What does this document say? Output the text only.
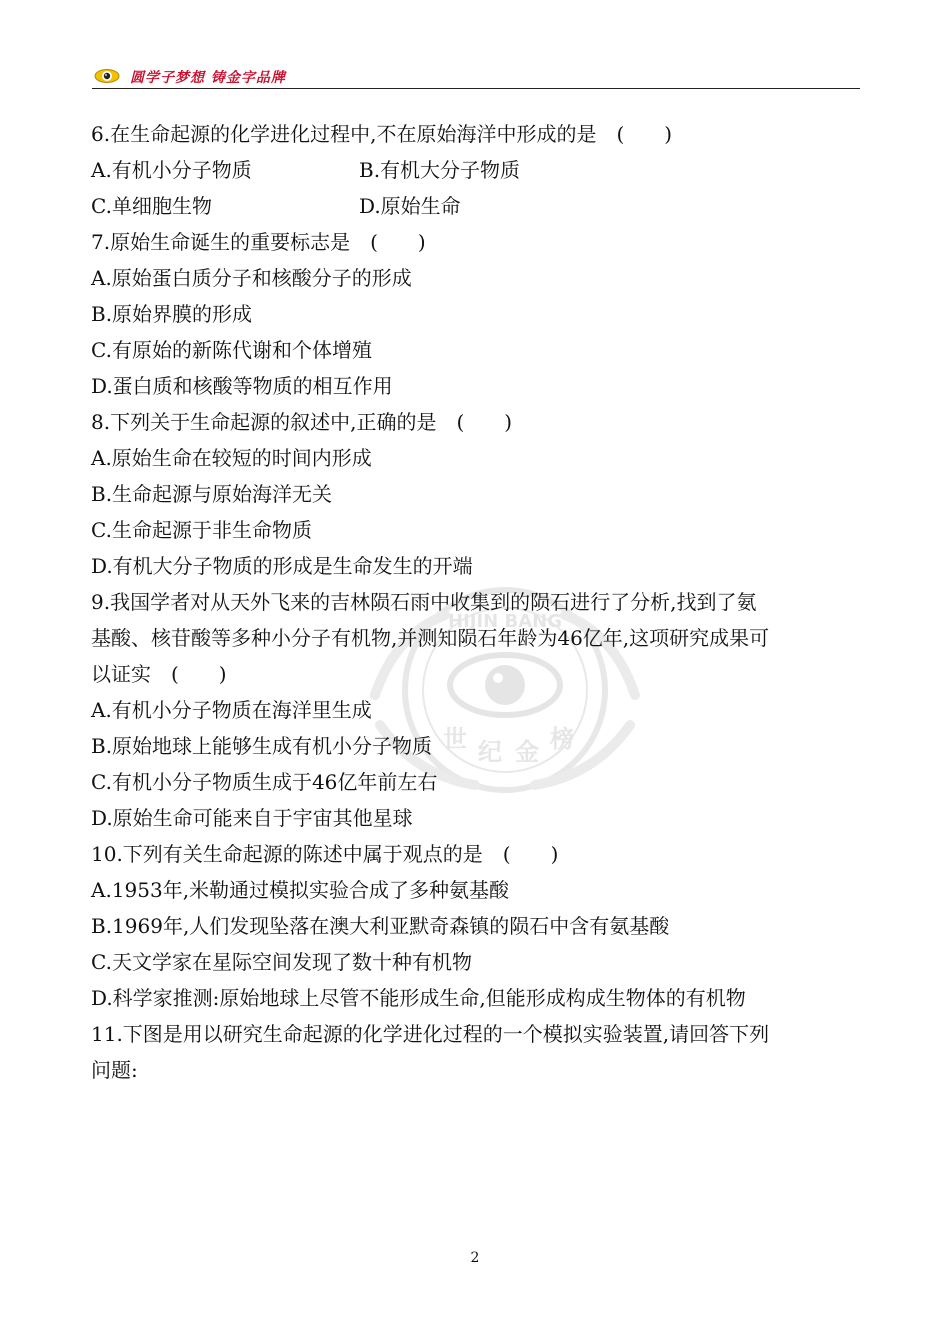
圆学子梦想 铸金字品牌
HIJIN BANG
世 纪 金 榜
6.在生命起源的化学进化过程中,不在原始海洋中形成的是　(　　)
A.有机小分子物质	B.有机大分子物质
C.单细胞生物	D.原始生命
7.原始生命诞生的重要标志是　(　　)
A.原始蛋白质分子和核酸分子的形成
B.原始界膜的形成
C.有原始的新陈代谢和个体增殖
D.蛋白质和核酸等物质的相互作用
8.下列关于生命起源的叙述中,正确的是　(　　)
A.原始生命在较短的时间内形成
B.生命起源与原始海洋无关
C.生命起源于非生命物质
D.有机大分子物质的形成是生命发生的开端
9.我国学者对从天外飞来的吉林陨石雨中收集到的陨石进行了分析,找到了氨
基酸、核苷酸等多种小分子有机物,并测知陨石年龄为46亿年,这项研究成果可
以证实　(　　)
A.有机小分子物质在海洋里生成
B.原始地球上能够生成有机小分子物质
C.有机小分子物质生成于46亿年前左右
D.原始生命可能来自于宇宙其他星球
10.下列有关生命起源的陈述中属于观点的是　(　　)
A.1953年,米勒通过模拟实验合成了多种氨基酸
B.1969年,人们发现坠落在澳大利亚默奇森镇的陨石中含有氨基酸
C.天文学家在星际空间发现了数十种有机物
D.科学家推测:原始地球上尽管不能形成生命,但能形成构成生物体的有机物
11.下图是用以研究生命起源的化学进化过程的一个模拟实验装置,请回答下列
问题:
2
